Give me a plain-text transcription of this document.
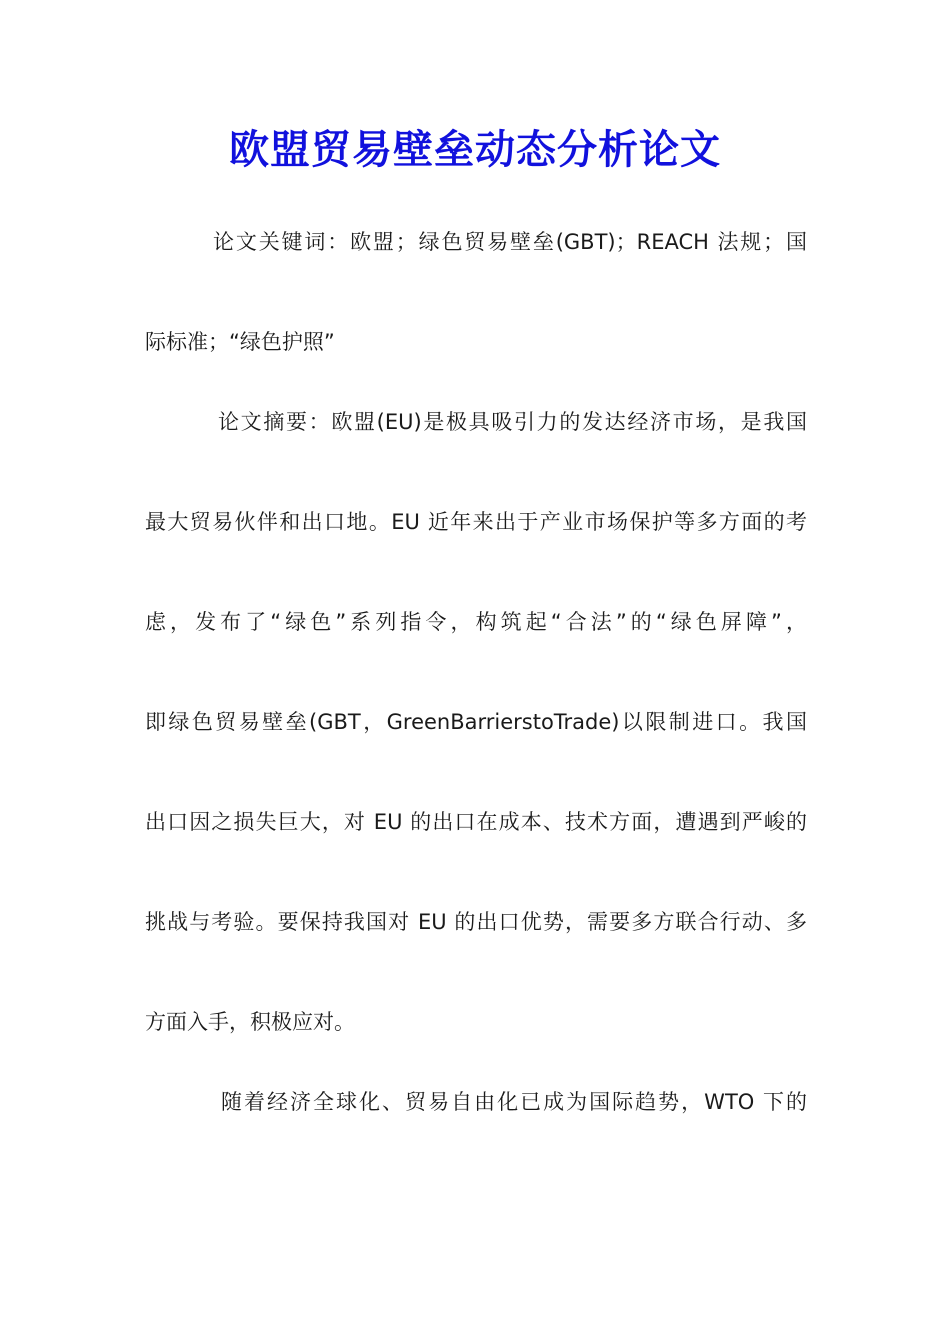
欧盟贸易壁垒动态分析论文
论文关键词：欧盟；绿色贸易壁垒(GBT)；REACH 法规；国
际标准；“绿色护照”
论文摘要：欧盟(EU)是极具吸引力的发达经济市场，是我国
最大贸易伙伴和出口地。EU 近年来出于产业市场保护等多方面的考
虑，发布了“绿色”系列指令，构筑起“合法”的“绿色屏障”，
即绿色贸易壁垒(GBT，GreenBarrierstoTrade)以限制进口。我国
出口因之损失巨大，对 EU 的出口在成本、技术方面，遭遇到严峻的
挑战与考验。要保持我国对 EU 的出口优势，需要多方联合行动、多
方面入手，积极应对。
随着经济全球化、贸易自由化已成为国际趋势，WTO 下的
